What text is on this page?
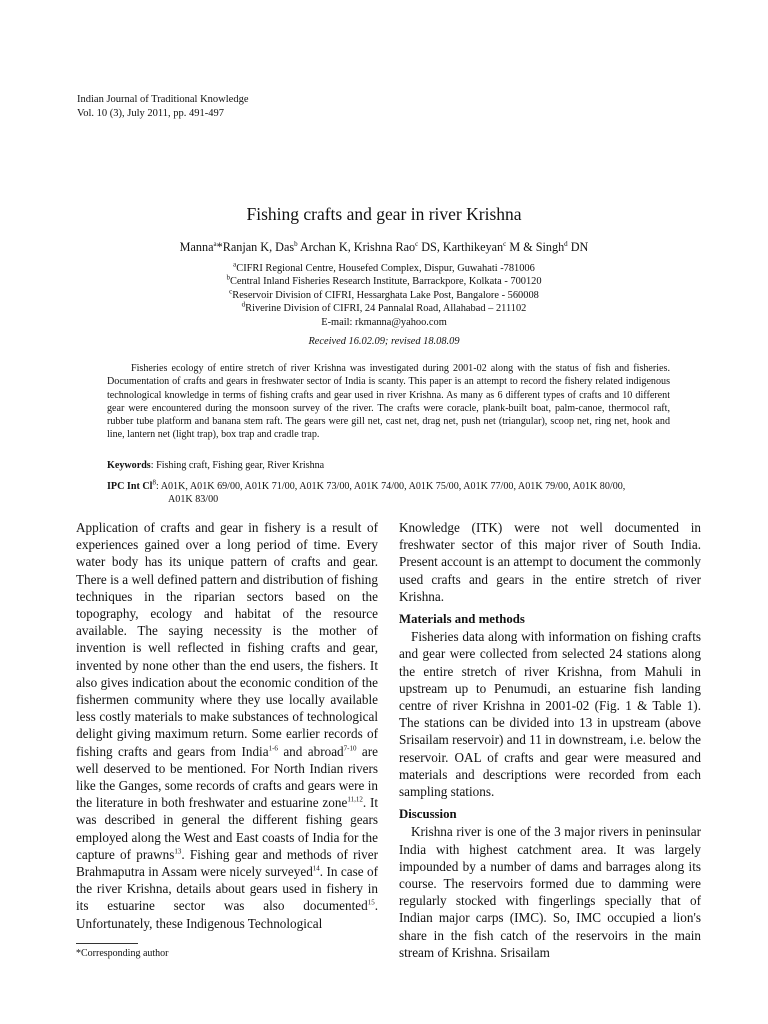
Indian Journal of Traditional Knowledge
Vol. 10 (3), July 2011, pp. 491-497
Fishing crafts and gear in river Krishna
Manna$^a$*Ranjan K, Das$^b$ Archan K, Krishna Rao$^c$ DS, Karthikeyan$^c$ M & Singh$^d$ DN
$^a$CIFRI Regional Centre, Housefed Complex, Dispur, Guwahati -781006
$^b$Central Inland Fisheries Research Institute, Barrackpore, Kolkata - 700120
$^c$Reservoir Division of CIFRI, Hessarghata Lake Post, Bangalore - 560008
$^d$Riverine Division of CIFRI, 24 Pannalal Road, Allahabad – 211102
E-mail: rkmanna@yahoo.com
Received 16.02.09; revised 18.08.09
Fisheries ecology of entire stretch of river Krishna was investigated during 2001-02 along with the status of fish and fisheries. Documentation of crafts and gears in freshwater sector of India is scanty. This paper is an attempt to record the fishery related indigenous technological knowledge in terms of fishing crafts and gear used in river Krishna. As many as 6 different types of crafts and 10 different gear were encountered during the monsoon survey of the river. The crafts were coracle, plank-built boat, palm-canoe, thermocol raft, rubber tube platform and banana stem raft. The gears were gill net, cast net, drag net, push net (triangular), scoop net, ring net, hook and line, lantern net (light trap), box trap and cradle trap.
Keywords: Fishing craft, Fishing gear, River Krishna
IPC Int Cl$^8$: A01K, A01K 69/00, A01K 71/00, A01K 73/00, A01K 74/00, A01K 75/00, A01K 77/00, A01K 79/00, A01K 80/00,
A01K 83/00

Application of crafts and gear in fishery is a result of experiences gained over a long period of time. Every water body has its unique pattern of crafts and gear. There is a well defined pattern and distribution of fishing techniques in the riparian sectors based on the topography, ecology and habitat of the resource available. The saying necessity is the mother of invention is well reflected in fishing crafts and gear, invented by none other than the end users, the fishers. It also gives indication about the economic condition of the fishermen community where they use locally available less costly materials to make substances of technological delight giving maximum return. Some earlier records of fishing crafts and gears from India$^{1-6}$ and abroad$^{7-10}$ are well deserved to be mentioned. For North Indian rivers like the Ganges, some records of crafts and gears were in the literature in both freshwater and estuarine zone$^{11,12}$. It was described in general the different fishing gears employed along the West and East coasts of India for the capture of prawns$^{13}$. Fishing gear and methods of river Brahmaputra in Assam were nicely surveyed$^{14}$. In case of the river Krishna, details about gears used in fishery in its estuarine sector was also documented$^{15}$. Unfortunately, these Indigenous Technological

Knowledge (ITK) were not well documented in freshwater sector of this major river of South India. Present account is an attempt to document the commonly used crafts and gears in the entire stretch of river Krishna.

Materials and methods

Fisheries data along with information on fishing crafts and gear were collected from selected 24 stations along the entire stretch of river Krishna, from Mahuli in upstream up to Penumudi, an estuarine fish landing centre of river Krishna in 2001-02 (Fig. 1 & Table 1). The stations can be divided into 13 in upstream (above Srisailam reservoir) and 11 in downstream, i.e. below the reservoir. OAL of crafts and gear were measured and materials and descriptions were recorded from each sampling stations.

Discussion

Krishna river is one of the 3 major rivers in peninsular India with highest catchment area. It was largely impounded by a number of dams and barrages along its course. The reservoirs formed due to damming were regularly stocked with fingerlings specially that of Indian major carps (IMC). So, IMC occupied a lion's share in the fish catch of the reservoirs in the main stream of Krishna. Srisailam

*Corresponding author
